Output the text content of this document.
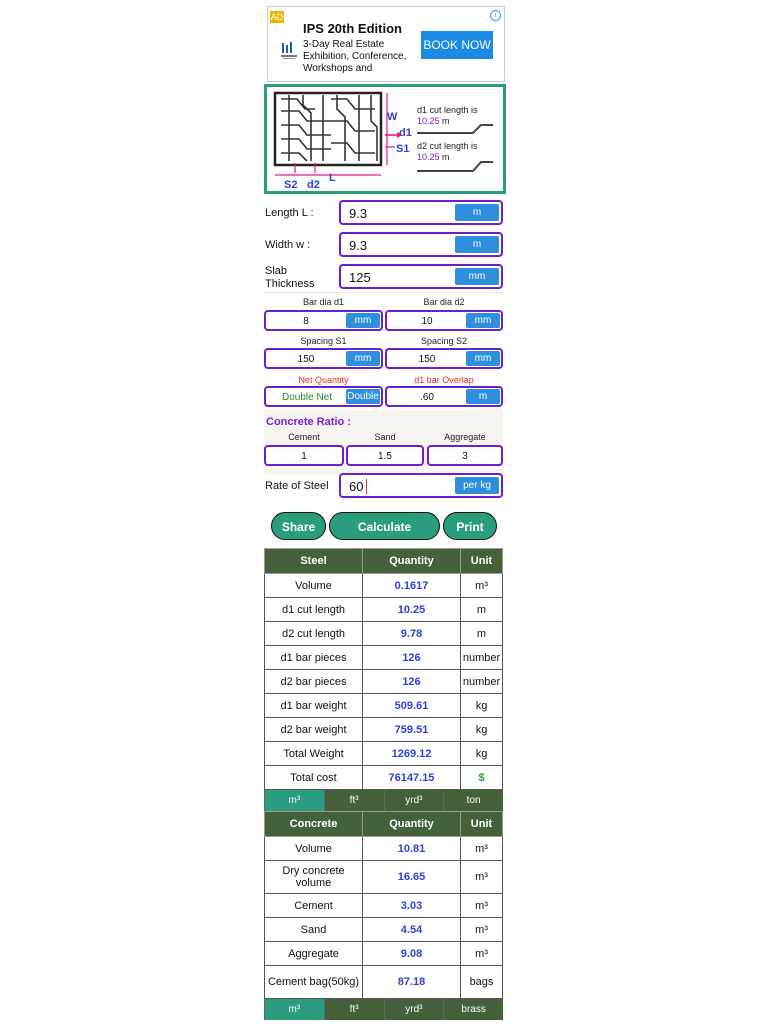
AD	i
IPS 20th Edition
3-Day Real Estate Exhibition, Conference, Workshops and
BOOK NOW
W
d1
S1
S2 d2
L
d1 cut length is
10.25 m
d2 cut length is
10.25 m
Length L :	9.3	m
Width w :	9.3	m
Slab Thickness	125	mm
Bar dia d1	Bar dia d2
8	mm	10	mm
Spacing S1	Spacing S2
150	mm	150	mm
Net Quantity	d1 bar Overlap
Double Net	Double	.60	m
Concrete Ratio :
Cement	Sand	Aggregate
1	1.5	3
Rate of Steel 60	per kg
Share	Calculate	Print
Steel	Quantity	Unit
Volume	0.1617	m³
d1 cut length	10.25	m
d2 cut length	9.78	m
d1 bar pieces	126	number
d2 bar pieces	126	number
d1 bar weight	509.61	kg
d2 bar weight	759.51	kg
Total Weight	1269.12	kg
Total cost	76147.15	$
m³	ft³	yrd³	ton
Concrete	Quantity	Unit
Volume	10.81	m³
Dry concrete volume	16.65	m³
Cement	3.03	m³
Sand	4.54	m³
Aggregate	9.08	m³
Cement bag(50kg)	87.18	bags
m³	ft³	yrd³	brass
